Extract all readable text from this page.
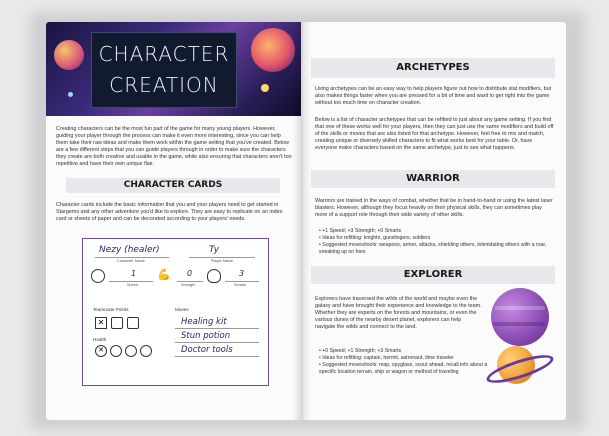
CHARACTER
CREATION
Creating characters can be the most fun part of the game for many young players. However, guiding your player through the process can make it even more interesting, since you can help them take their raw ideas and make them work within the game setting that you've created. Below are a few different steps that you can guide players through in order to make sure the characters they create are both creative and usable in the game, while also ensuring that characters aren't too repetitive and have their own unique flair.
CHARACTER CARDS
Character cards include the basic information that you and your players need to get started in Stargems and any other adventure you'd like to explore. They are easy to replicate on an index card or sheets of paper and can be decorated according to your players' needs.
Nezy (healer)
Character Name
Ty
Player Name
1
Speed
💪 0
Strength
3
Smarts
Teammate Points
✕
Health
✕
Moves
Healing kit
Stun potion
Doctor tools
ARCHETYPES
Using archetypes can be an easy way to help players figure out how to distribute stat modifiers, but also makes things faster when you are pressed for a bit of time and want to get right into the game without too much time on character creation.
Below is a list of character archetypes that can be refitted to just about any game setting. If you find that one of these works well for your players, then they can just use the same modifiers and build off of the skills or moves that are also listed for that archetype. However, feel free to mix and match, creating unique or diversely skilled characters to fit what works best for your table. Or, have everyone make characters based on the same archetype, just to see what happens.
WARRIOR
Warriors are trained in the ways of combat, whether that be in hand-to-hand or using the latest laser blasters. However, although they focus heavily on their physical skills, they can sometimes play more of a support role through their wide variety of other skills.
• +1 Speed; +3 Strength; +0 Smarts
• Ideas for refitting: knights, gunslingers, soldiers
• Suggested moves/tools: weapons, armor, attacks, shielding others, intimidating others with a roar, sneaking up on foes
EXPLORER
Explorers have traversed the wilds of the world and maybe even the galaxy and have brought their experience and knowledge to the team. Whether they are experts on the forests and mountains, or even the various dunes of the nearby desert planet, explorers can help navigate the wilds and connect to the land.
• +0 Speed; +1 Strength; +3 Smarts
• Ideas for refitting: captain, hermit, astronaut, time traveler
• Suggested moves/tools: map, spyglass, scout ahead, recall info about a specific location terrain, ship or wagon or method of traveling
